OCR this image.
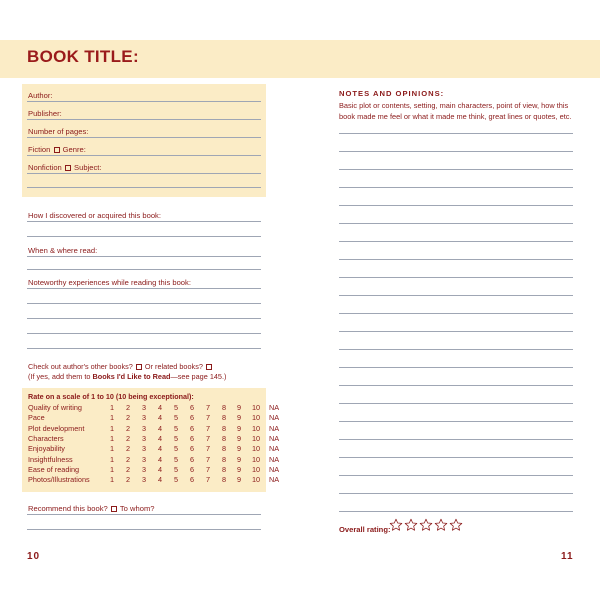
BOOK TITLE:
Author:
Publisher:
Number of pages:
Fiction Genre:
Nonfiction Subject:
How I discovered or acquired this book:
When & where read:
Noteworthy experiences while reading this book:
Check out author's other books? Or related books?
(If yes, add them to Books I'd Like to Read—see page 145.)
Rate on a scale of 1 to 10 (10 being exceptional):
Quality of writing	1 2 3 4 5 6 7 8 9 10 NA
Pace	1 2 3 4 5 6 7 8 9 10 NA
Plot development	1 2 3 4 5 6 7 8 9 10 NA
Characters	1 2 3 4 5 6 7 8 9 10 NA
Enjoyability	1 2 3 4 5 6 7 8 9 10 NA
Insightfulness	1 2 3 4 5 6 7 8 9 10 NA
Ease of reading	1 2 3 4 5 6 7 8 9 10 NA
Photos/Illustrations	1 2 3 4 5 6 7 8 9 10 NA
Recommend this book? To whom?
10
NOTES AND OPINIONS:
Basic plot or contents, setting, main characters, point of view, how this book made me feel or what it made me think, great lines or quotes, etc.
Overall rating:
11
